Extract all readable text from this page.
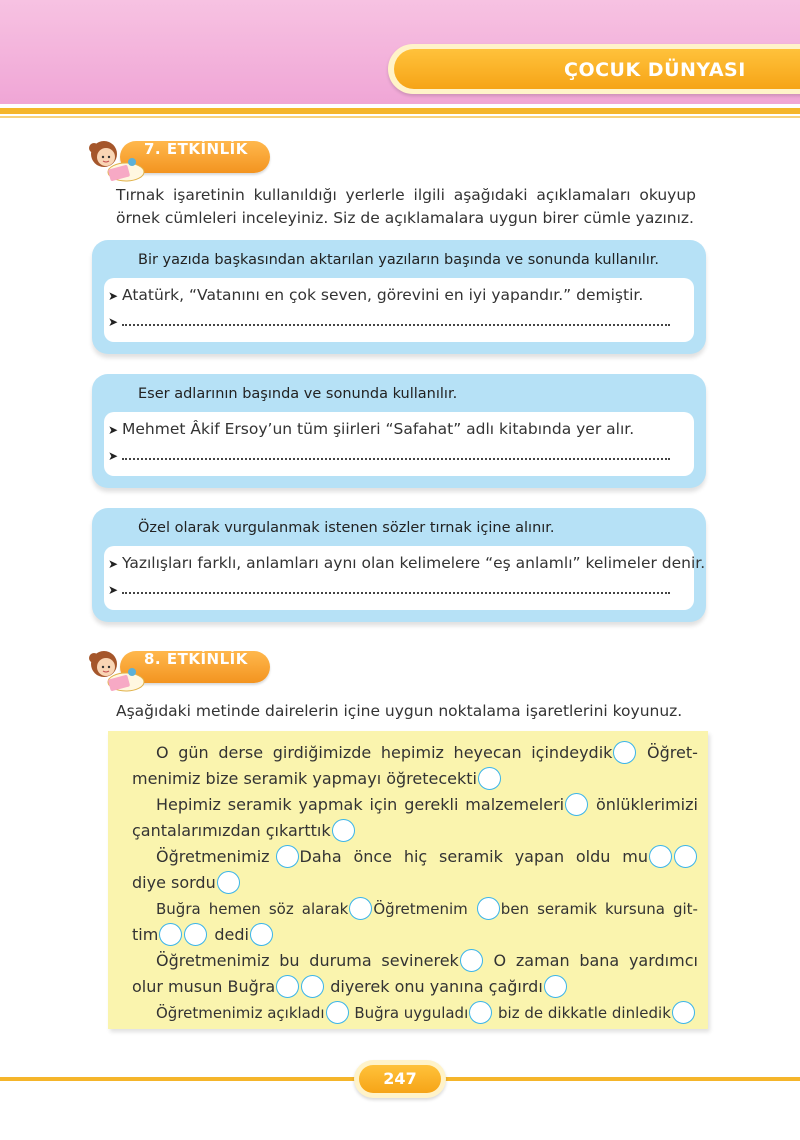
ÇOCUK DÜNYASI
7. ETKİNLİK
Tırnak işaretinin kullanıldığı yerlerle ilgili aşağıdaki açıklamaları okuyup örnek cümleleri inceleyiniz. Siz de açıklamalara uygun birer cümle yazınız.
Bir yazıda başkasından aktarılan yazıların başında ve sonunda kullanılır.
➤ Atatürk, “Vatanını en çok seven, görevini en iyi yapandır.” demiştir.
➤
Eser adlarının başında ve sonunda kullanılır.
➤ Mehmet Âkif Ersoy’un tüm şiirleri “Safahat” adlı kitabında yer alır.
➤
Özel olarak vurgulanmak istenen sözler tırnak içine alınır.
➤ Yazılışları farklı, anlamları aynı olan kelimelere “eş anlamlı” kelimeler denir.
➤
8. ETKİNLİK
Aşağıdaki metinde dairelerin içine uygun noktalama işaretlerini koyunuz.
O gün derse girdiğimizde hepimiz heyecan içindeydik Öğret-
menimiz bize seramik yapmayı öğretecekti
Hepimiz seramik yapmak için gerekli malzemeleri önlüklerimizi
çantalarımızdan çıkarttık
Öğretmenimiz Daha önce hiç seramik yapan oldu mu
diye sordu
Buğra hemen söz alarak Öğretmenim ben seramik kursuna git-
tim	dedi
Öğretmenimiz bu duruma sevinerek O zaman bana yardımcı
olur
musun
Buğra
	diyerek
onu
yanına
çağırdı
Öğretmenimiz açıkladı
Buğra uyguladı
biz de dikkatle dinledik
247
